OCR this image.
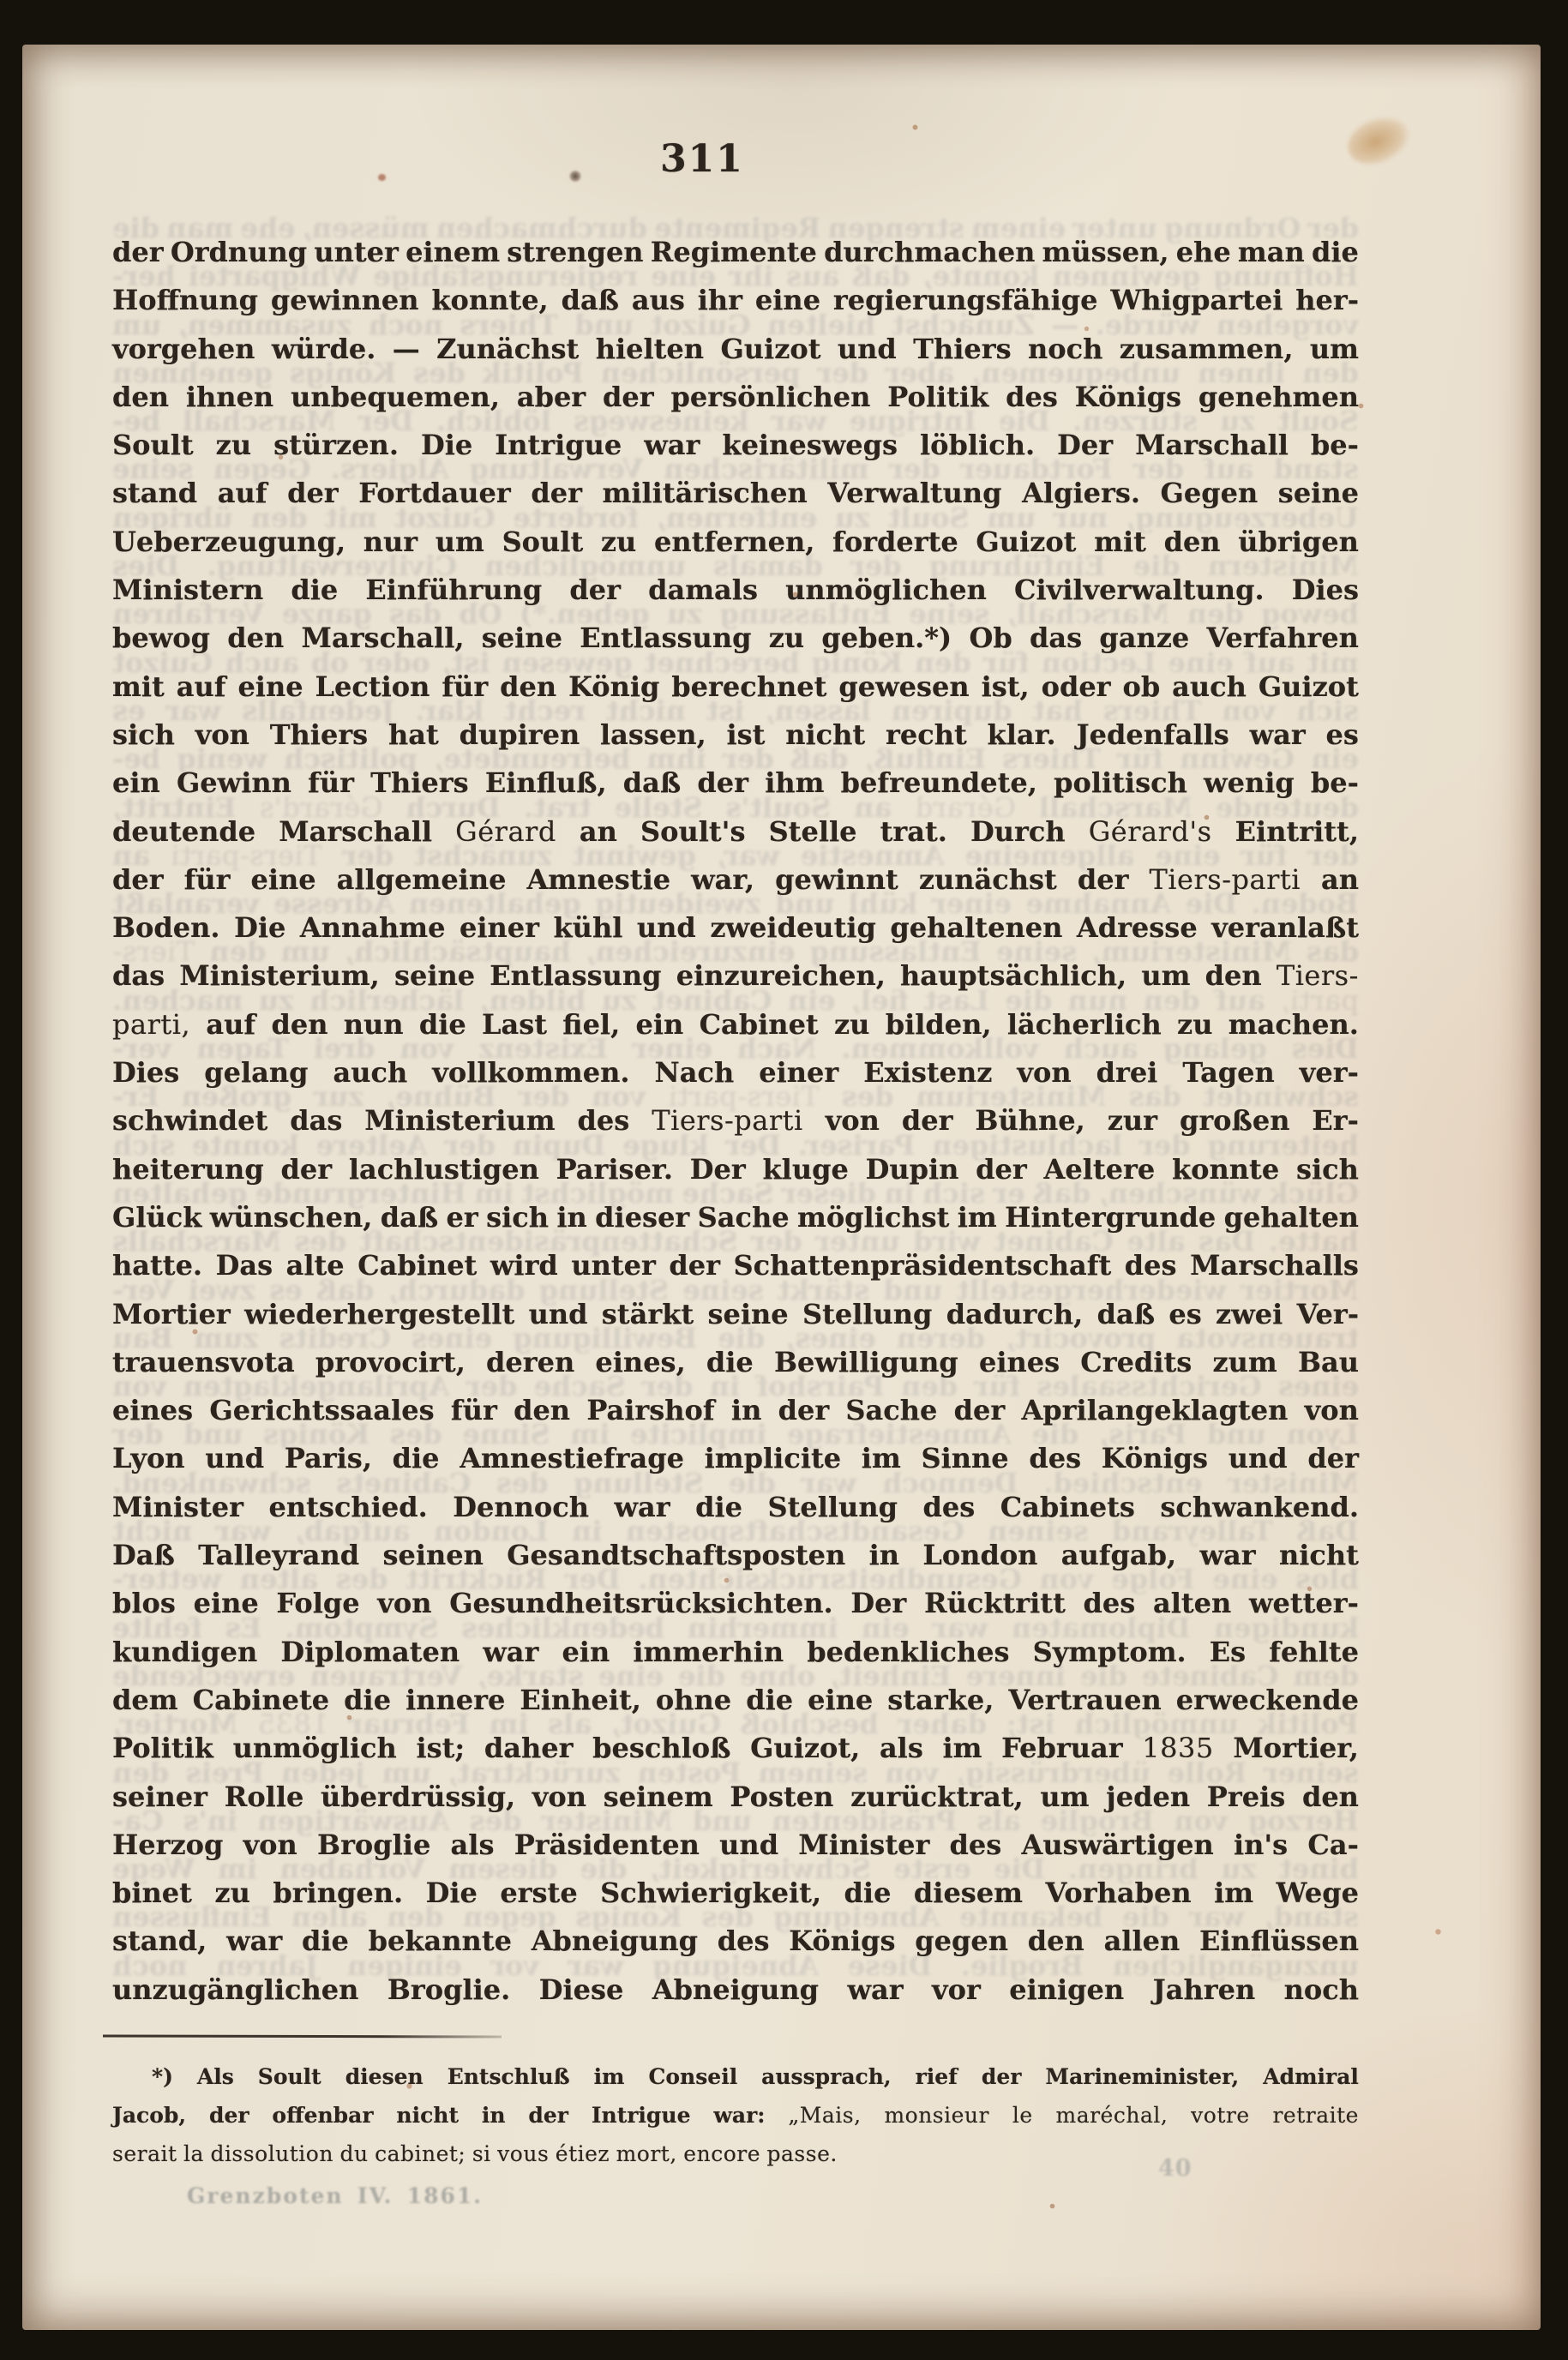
311
der
Ordnung
unter
einem
strengen
Regimente
durchmachen
müssen,
ehe
man
die
Hoffnung
gewinnen
konnte,
daß
aus
ihr
eine
regierungsfähige
Whigpartei
her-
vorgehen
würde.
—
Zunächst
hielten
Guizot
und
Thiers
noch
zusammen,
um
den
ihnen
unbequemen,
aber
der
persönlichen
Politik
des
Königs
genehmen
Soult
zu
stürzen.
Die
Intrigue
war
keineswegs
löblich.
Der
Marschall
be-
stand
auf
der
Fortdauer
der
militärischen
Verwaltung
Algiers.
Gegen
seine
Ueberzeugung,
nur
um
Soult
zu
entfernen,
forderte
Guizot
mit
den
übrigen
Ministern
die
Einführung
der
damals
unmöglichen
Civilverwaltung.
Dies
bewog
den
Marschall,
seine
Entlassung
zu
geben.*)
Ob
das
ganze
Verfahren
mit
auf
eine
Lection
für
den
König
berechnet
gewesen
ist,
oder
ob
auch
Guizot
sich
von
Thiers
hat
dupiren
lassen,
ist
nicht
recht
klar.
Jedenfalls
war
es
ein
Gewinn
für
Thiers
Einfluß,
daß
der
ihm
befreundete,
politisch
wenig
be-
deutende
Marschall
Gérard
an
Soult's
Stelle
trat.
Durch
Gérard's
Eintritt,
der
für
eine
allgemeine
Amnestie
war,
gewinnt
zunächst
der
Tiers-parti
an
Boden.
Die
Annahme
einer
kühl
und
zweideutig
gehaltenen
Adresse
veranlaßt
das
Ministerium,
seine
Entlassung
einzureichen,
hauptsächlich,
um
den
Tiers-
parti,
auf
den
nun
die
Last
fiel,
ein
Cabinet
zu
bilden,
lächerlich
zu
machen.
Dies
gelang
auch
vollkommen.
Nach
einer
Existenz
von
drei
Tagen
ver-
schwindet
das
Ministerium
des
Tiers-parti
von
der
Bühne,
zur
großen
Er-
heiterung
der
lachlustigen
Pariser.
Der
kluge
Dupin
der
Aeltere
konnte
sich
Glück
wünschen,
daß
er
sich
in
dieser
Sache
möglichst
im
Hintergrunde
gehalten
hatte.
Das
alte
Cabinet
wird
unter
der
Schattenpräsidentschaft
des
Marschalls
Mortier
wiederhergestellt
und
stärkt
seine
Stellung
dadurch,
daß
es
zwei
Ver-
trauensvota
provocirt,
deren
eines,
die
Bewilligung
eines
Credits
zum
Bau
eines
Gerichtssaales
für
den
Pairshof
in
der
Sache
der
Aprilangeklagten
von
Lyon
und
Paris,
die
Amnestiefrage
implicite
im
Sinne
des
Königs
und
der
Minister
entschied.
Dennoch
war
die
Stellung
des
Cabinets
schwankend.
Daß
Talleyrand
seinen
Gesandtschaftsposten
in
London
aufgab,
war
nicht
blos
eine
Folge
von
Gesundheitsrücksichten.
Der
Rücktritt
des
alten
wetter-
kundigen
Diplomaten
war
ein
immerhin
bedenkliches
Symptom.
Es
fehlte
dem
Cabinete
die
innere
Einheit,
ohne
die
eine
starke,
Vertrauen
erweckende
Politik
unmöglich
ist;
daher
beschloß
Guizot,
als
im
Februar
1835
Mortier,
seiner
Rolle
überdrüssig,
von
seinem
Posten
zurücktrat,
um
jeden
Preis
den
Herzog
von
Broglie
als
Präsidenten
und
Minister
des
Auswärtigen
in's
Ca-
binet
zu
bringen.
Die
erste
Schwierigkeit,
die
diesem
Vorhaben
im
Wege
stand,
war
die
bekannte
Abneigung
des
Königs
gegen
den
allen
Einflüssen
unzugänglichen
Broglie.
Diese
Abneigung
war
vor
einigen
Jahren
noch
der Ordnung unter einem strengen Regimente durchmachen müssen, ehe man die
Hoffnung gewinnen konnte, daß aus ihr eine regierungsfähige Whigpartei her-
vorgehen würde. — Zunächst hielten Guizot und Thiers noch zusammen, um
den ihnen unbequemen, aber der persönlichen Politik des Königs genehmen
Soult zu stürzen. Die Intrigue war keineswegs löblich. Der Marschall be-
stand auf der Fortdauer der militärischen Verwaltung Algiers. Gegen seine
Ueberzeugung, nur um Soult zu entfernen, forderte Guizot mit den übrigen
Ministern die Einführung der damals unmöglichen Civilverwaltung. Dies
bewog den Marschall, seine Entlassung zu geben.*) Ob das ganze Verfahren
mit auf eine Lection für den König berechnet gewesen ist, oder ob auch Guizot
sich von Thiers hat dupiren lassen, ist nicht recht klar. Jedenfalls war es
ein Gewinn für Thiers Einfluß, daß der ihm befreundete, politisch wenig be-
deutende Marschall Gérard an Soult's Stelle trat. Durch Gérard's Eintritt,
der für eine allgemeine Amnestie war, gewinnt zunächst der Tiers-parti an
Boden. Die Annahme einer kühl und zweideutig gehaltenen Adresse veranlaßt
das Ministerium, seine Entlassung einzureichen, hauptsächlich, um den Tiers-
parti, auf den nun die Last fiel, ein Cabinet zu bilden, lächerlich zu machen.
Dies gelang auch vollkommen. Nach einer Existenz von drei Tagen ver-
schwindet das Ministerium des Tiers-parti von der Bühne, zur großen Er-
heiterung der lachlustigen Pariser. Der kluge Dupin der Aeltere konnte sich
Glück wünschen, daß er sich in dieser Sache möglichst im Hintergrunde gehalten
hatte. Das alte Cabinet wird unter der Schattenpräsidentschaft des Marschalls
Mortier wiederhergestellt und stärkt seine Stellung dadurch, daß es zwei Ver-
trauensvota provocirt, deren eines, die Bewilligung eines Credits zum Bau
eines Gerichtssaales für den Pairshof in der Sache der Aprilangeklagten von
Lyon und Paris, die Amnestiefrage implicite im Sinne des Königs und der
Minister entschied. Dennoch war die Stellung des Cabinets schwankend.
Daß Talleyrand seinen Gesandtschaftsposten in London aufgab, war nicht
blos eine Folge von Gesundheitsrücksichten. Der Rücktritt des alten wetter-
kundigen Diplomaten war ein immerhin bedenkliches Symptom. Es fehlte
dem Cabinete die innere Einheit, ohne die eine starke, Vertrauen erweckende
Politik unmöglich ist; daher beschloß Guizot, als im Februar 1835 Mortier,
seiner Rolle überdrüssig, von seinem Posten zurücktrat, um jeden Preis den
Herzog von Broglie als Präsidenten und Minister des Auswärtigen in's Ca-
binet zu bringen. Die erste Schwierigkeit, die diesem Vorhaben im Wege
stand, war die bekannte Abneigung des Königs gegen den allen Einflüssen
unzugänglichen Broglie. Diese Abneigung war vor einigen Jahren noch
*) Als Soult diesen Entschluß im Conseil aussprach, rief der Marineminister, Admiral
Jacob, der offenbar nicht in der Intrigue war: „Mais, monsieur le maréchal, votre retraite
serait la dissolution du cabinet; si vous étiez mort, encore passe.
Grenzboten IV. 1861.
40
